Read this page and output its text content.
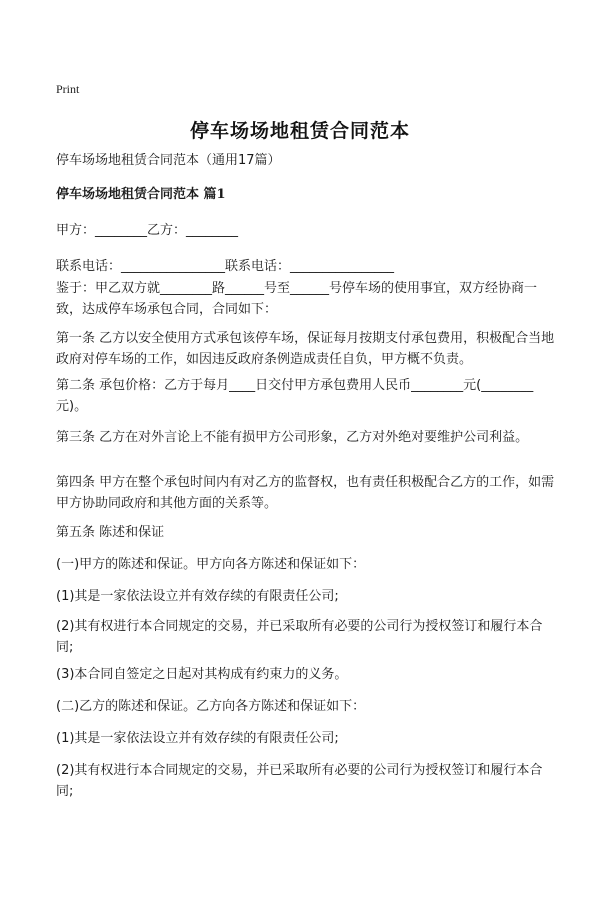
Print
停车场场地租赁合同范本

停车场场地租赁合同范本（通用17篇）

停车场场地租赁合同范本 篇1

甲方：________乙方：________

联系电话：________________联系电话：________________

鉴于：甲乙双方就________路______号至______号停车场的使用事宜，双方经协商一致，达成停车场承包合同，合同如下：

第一条 乙方以安全使用方式承包该停车场，保证每月按期支付承包费用，积极配合当地政府对停车场的工作，如因违反政府条例造成责任自负，甲方概不负责。

第二条 承包价格：乙方于每月____日交付甲方承包费用人民币________元(________元)。

第三条 乙方在对外言论上不能有损甲方公司形象，乙方对外绝对要维护公司利益。

第四条 甲方在整个承包时间内有对乙方的监督权，也有责任积极配合乙方的工作，如需甲方协助同政府和其他方面的关系等。

第五条 陈述和保证

(一)甲方的陈述和保证。甲方向各方陈述和保证如下：

(1)其是一家依法设立并有效存续的有限责任公司;

(2)其有权进行本合同规定的交易，并已采取所有必要的公司行为授权签订和履行本合同;

(3)本合同自签定之日起对其构成有约束力的义务。

(二)乙方的陈述和保证。乙方向各方陈述和保证如下：

(1)其是一家依法设立并有效存续的有限责任公司;

(2)其有权进行本合同规定的交易，并已采取所有必要的公司行为授权签订和履行本合同;
